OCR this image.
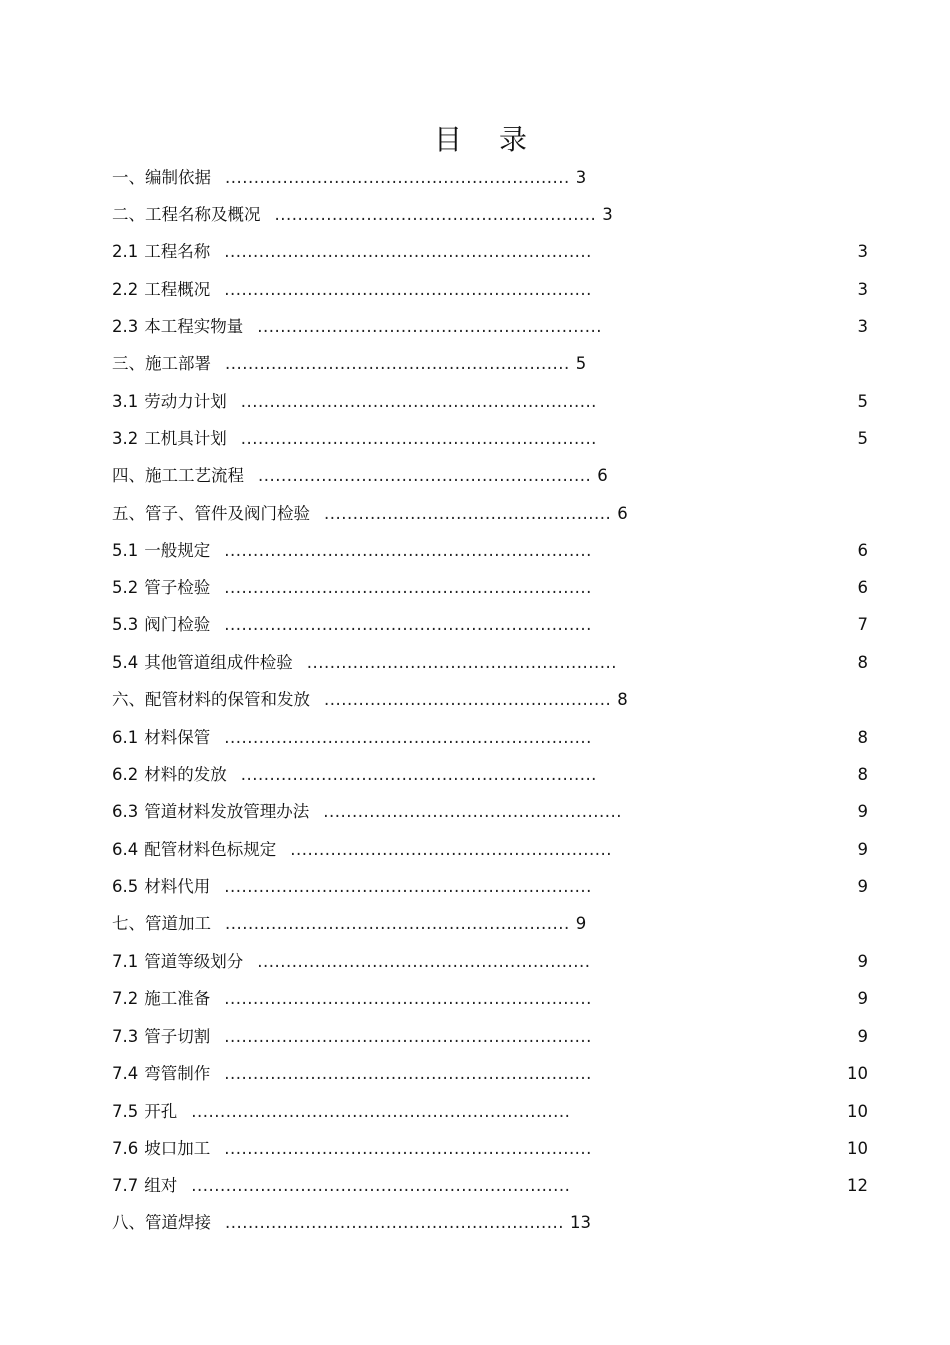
目 录
一、编制依据 ............................................................ 3
二、工程名称及概况 ........................................................ 3
2.1 工程名称 ................................................................	3
2.2 工程概况 ................................................................	3
2.3 本工程实物量 ............................................................	3
三、施工部署 ............................................................ 5
3.1 劳动力计划 ..............................................................	5
3.2 工机具计划 ..............................................................	5
四、施工工艺流程 .......................................................... 6
五、管子、管件及阀门检验 .................................................. 6
5.1 一般规定 ................................................................	6
5.2 管子检验 ................................................................	6
5.3 阀门检验 ................................................................	7
5.4 其他管道组成件检验 ......................................................	8
六、配管材料的保管和发放 .................................................. 8
6.1 材料保管 ................................................................	8
6.2 材料的发放 ..............................................................	8
6.3 管道材料发放管理办法 ....................................................	9
6.4 配管材料色标规定 ........................................................	9
6.5 材料代用 ................................................................	9
七、管道加工 ............................................................ 9
7.1 管道等级划分 ..........................................................	9
7.2 施工准备 ................................................................	9
7.3 管子切割 ................................................................	9
7.4 弯管制作 ................................................................	10
7.5 开孔 ..................................................................	10
7.6 坡口加工 ................................................................	10
7.7 组对 ..................................................................	12
八、管道焊接 ........................................................... 13
